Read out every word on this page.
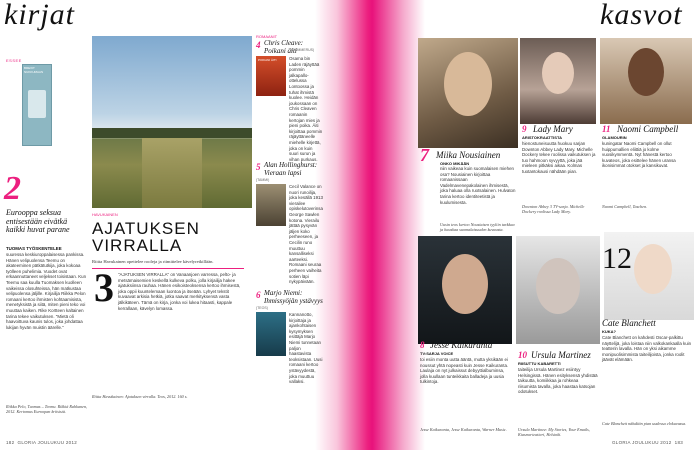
kirjat
ESSEE
BREXIT NUKKUMAAN
2
Eurooppa seksua entisestään eivätkä kaikki huvat parane
TUOMAS TYÖSKENTELEE
suuressa keskiuroppalaisessa pankissa. Hänen velipuolensa Teemu on akateeminen pätkätutkija, joka kokoaa työlleen puhelimia. Vuodet ovat erkaannuttaneet veljekset toisistaan. Kun Teemu saa kuulla Tuomaksen kuolleen vaikeissa olosuhteissa, hän matkustaa velipuolensa jäljille. Kirjailija Riikka Pelon romaani kertoo ihmisten kohtaamisista, menetyksistä ja siitä, miten pieni teko voi muuttaa kaiken. Rike Kortteen kaltainen tarina tekee vaikutuksen. "Mietä oli haavoittuva kaunis tulos, joka johdattaa lukijan hyvän muistin äärelle."
Riikka Pelo, Tuomas – Teemu. Rikkiä Rahkanen, 2012. Kertomus Euroopan kriisistä.
HAVUKAINEN
AJATUKSEN VIRRALLA
Riitta Havukainen opettelee rooleja ja riimittelee kävelyretkillään.
3 "AJATUKSEN VIRRALLA" on Vanaanjoen varressa, pelto- ja metsämaisemien keskellä kulkeva polku, jolla kirjailija hakee ajatuksiinsa rauhaa. Hänen esikoisteoksensa kertoo ihmisestä, joka oppii kuuntelemaan luontoa ja itseään. Lyhyet tekstit kuvaavat arkisia hetkiä, jotka saavat merkityksensä vasta jälkikäteen. Tämä on kirja, jonka voi lukea hitaasti, kappale kerrallaan, kävelyn lomassa.
Riitta Havukainen: Ajatuksen virralla. Teos, 2012. 160 s.
ROMAANIT
4 Chris Cleave: Poikani äiti
(GUMMERUS)
POIKANI ÄITI	Osama bin Laden räjäyttää pommin jalkapallo-ottelussa Lontoossa ja tuhat ihmistä kuolee. Heidän joukossaan on Chris Cleaven romaanin kertojan mies ja pieni poika. Äiti kirjoittaa pommin räjäyttäneelle miehelle kirjettä, joka on kuin suuri surun ja vihan purkaus.
5 Alan Hollinghurst: Vieraan lapsi
(TAMMI)
Cecil Valance on nuori runoilija, joka kesällä 1913 vierailee opiskelutoverinsa George Sawlen kotona. Vierailu jättää pysyvän jäljen koko perheeseen, ja Cecilin runo muuttuu kansalliseksi aarteeksi. Romaani seuraa perheen vaiheita sotien läpi nykypäivään.
6 Marjo Niemi: Ihmissyöjän ystävyys
(TEOS)
Kannanotto, kirjoittaja ja ajankohtaisen kysymyksen esittäjä Marjo Niemi tunnetaan paljon haastavista teoksistaan. Uusi romaani kertoo ystävyydestä, joka muuttuu vallaksi.
182 GLORIA JOULUKUU 2012
kasvot
7 Miika Nousiainen
ONKO MIKÄÄN
niin vaikeaa kuin suomalaisen miehen osa? Nousiainen kirjoittaa romaanissaan Vadelmavenepakolainen ihmisestä, joka haluaa olla ruotsalainen. Hulvaton tarina kertoo identiteetistä ja kuulumisesta.
Uusin teos kertoo Nousiaisen tyyliin tarkkaa ja hauskaa suomalaisuuden kuvausta.
9 Lady Mary
ARISTOKRAATTISTA
hienostuneisuutta huokuu sarjan Downton Abbey Lady Mary. Michelle Dockery tekee roolissa vaikutuksen ja tuo hahmoon syvyyttä, joka jää mieleen pitkäksi aikaa. Kolmas tuotantokausi nähdään pian.
Downton Abbey 3 TV-sarja. Michelle Dockery roolissa Lady Mary.
11 Naomi Campbell
GLAMOURIN
kuningatar Naomi Campbell on ollut huippumallien eliittiä jo kolme vuosikymmentä. Nyt hänestä kertoo kuvateos, joka esittelee hänen uransa ikonisimmat otokset ja kansikuvat.
Naomi Campbell, Taschen.
8 Jesse Kaikuranta
TV:SARJA VOICE
toi esiin monta uutta ääntä, mutta yksikään ei noussut yhtä nopeasti kuin Jesse Kaikuranta. Laulaja on nyt julkaissut debyyttialbuminsa, jolla kuullaan tunteikkaita balladeja ja uusia tulkintoja.
Jesse Kaikuranta, Jesse Kaikuranta, Warner Music.
10 Ursula Martinez
RIISUTTU KABARETTI
taiteilija Ursula Martinez esiintyy Helsingissä. Hänen esityksensä yhdistää taikuutta, komiikkaa ja rohkeaa riisumista tavalla, joka haastaa katsojan odotukset.
Ursula Martinez: My Stories, Your Emails, Kiasma-teatteri, Helsinki.
12
Cate Blanchett
KUKA?
Cate Blanchett on kahdesti Oscar-palkittu näyttelijä, joka loistaa niin valkokankaalla kuin teatterin lavalla. Hän on yksi aikamme monipuolisimmista taiteilijoista, jonka roolit jäävät elämään.
Cate Blanchett nähdään pian uudessa elokuvassa.
GLORIA JOULUKUU 2012 183
